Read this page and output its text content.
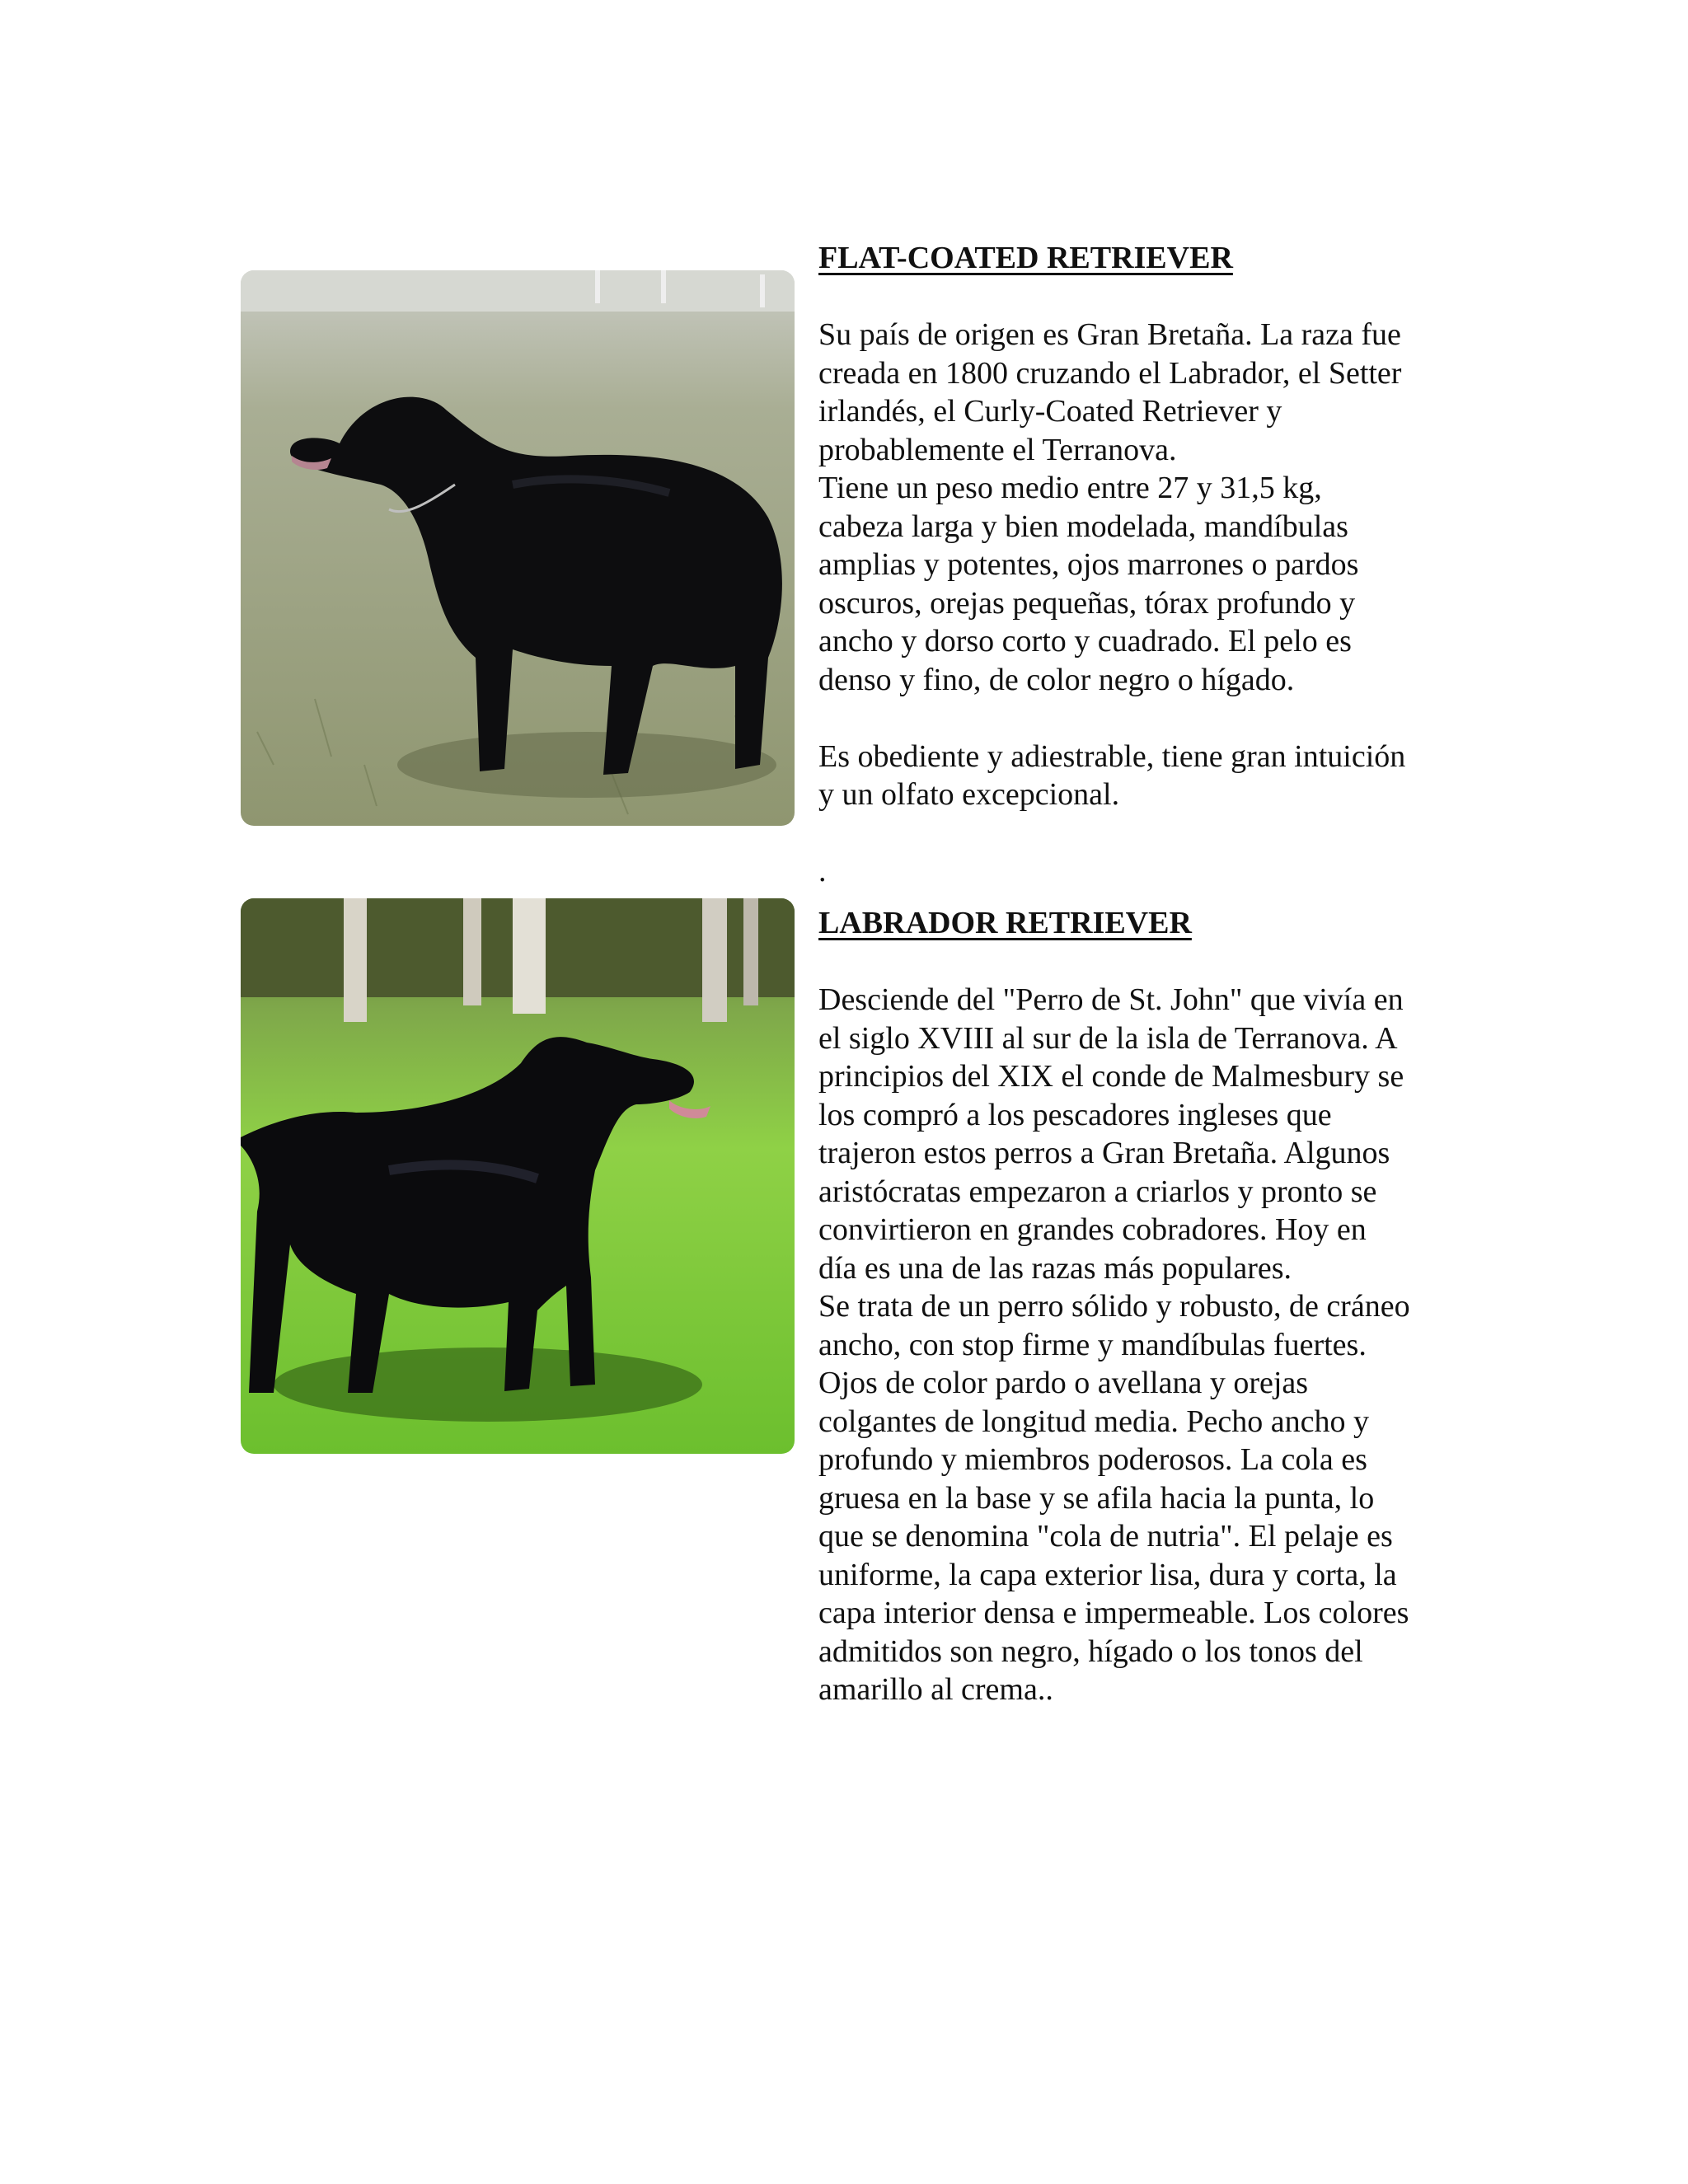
FLAT-COATED RETRIEVER

Su país de origen es Gran Bretaña. La raza fue
creada en 1800 cruzando el Labrador, el Setter
irlandés, el Curly-Coated Retriever y
probablemente el Terranova.
Tiene un peso medio entre 27 y 31,5 kg,
cabeza larga y bien modelada, mandíbulas
amplias y potentes, ojos marrones o pardos
oscuros, orejas pequeñas, tórax profundo y
ancho y dorso corto y cuadrado. El pelo es
denso y fino, de color negro o hígado.

Es obediente y adiestrable, tiene gran intuición
y un olfato excepcional.

.

LABRADOR RETRIEVER

Desciende del "Perro de St. John" que vivía en
el siglo XVIII al sur de la isla de Terranova. A
principios del XIX el conde de Malmesbury se
los compró a los pescadores ingleses que
trajeron estos perros a Gran Bretaña. Algunos
aristócratas empezaron a criarlos y pronto se
convirtieron en grandes cobradores. Hoy en
día es una de las razas más populares.
Se trata de un perro sólido y robusto, de cráneo
ancho, con stop firme y mandíbulas fuertes.
Ojos de color pardo o avellana y orejas
colgantes de longitud media. Pecho ancho y
profundo y miembros poderosos. La cola es
gruesa en la base y se afila hacia la punta, lo
que se denomina "cola de nutria". El pelaje es
uniforme, la capa exterior lisa, dura y corta, la
capa interior densa e impermeable. Los colores
admitidos son negro, hígado o los tonos del
amarillo al crema..
